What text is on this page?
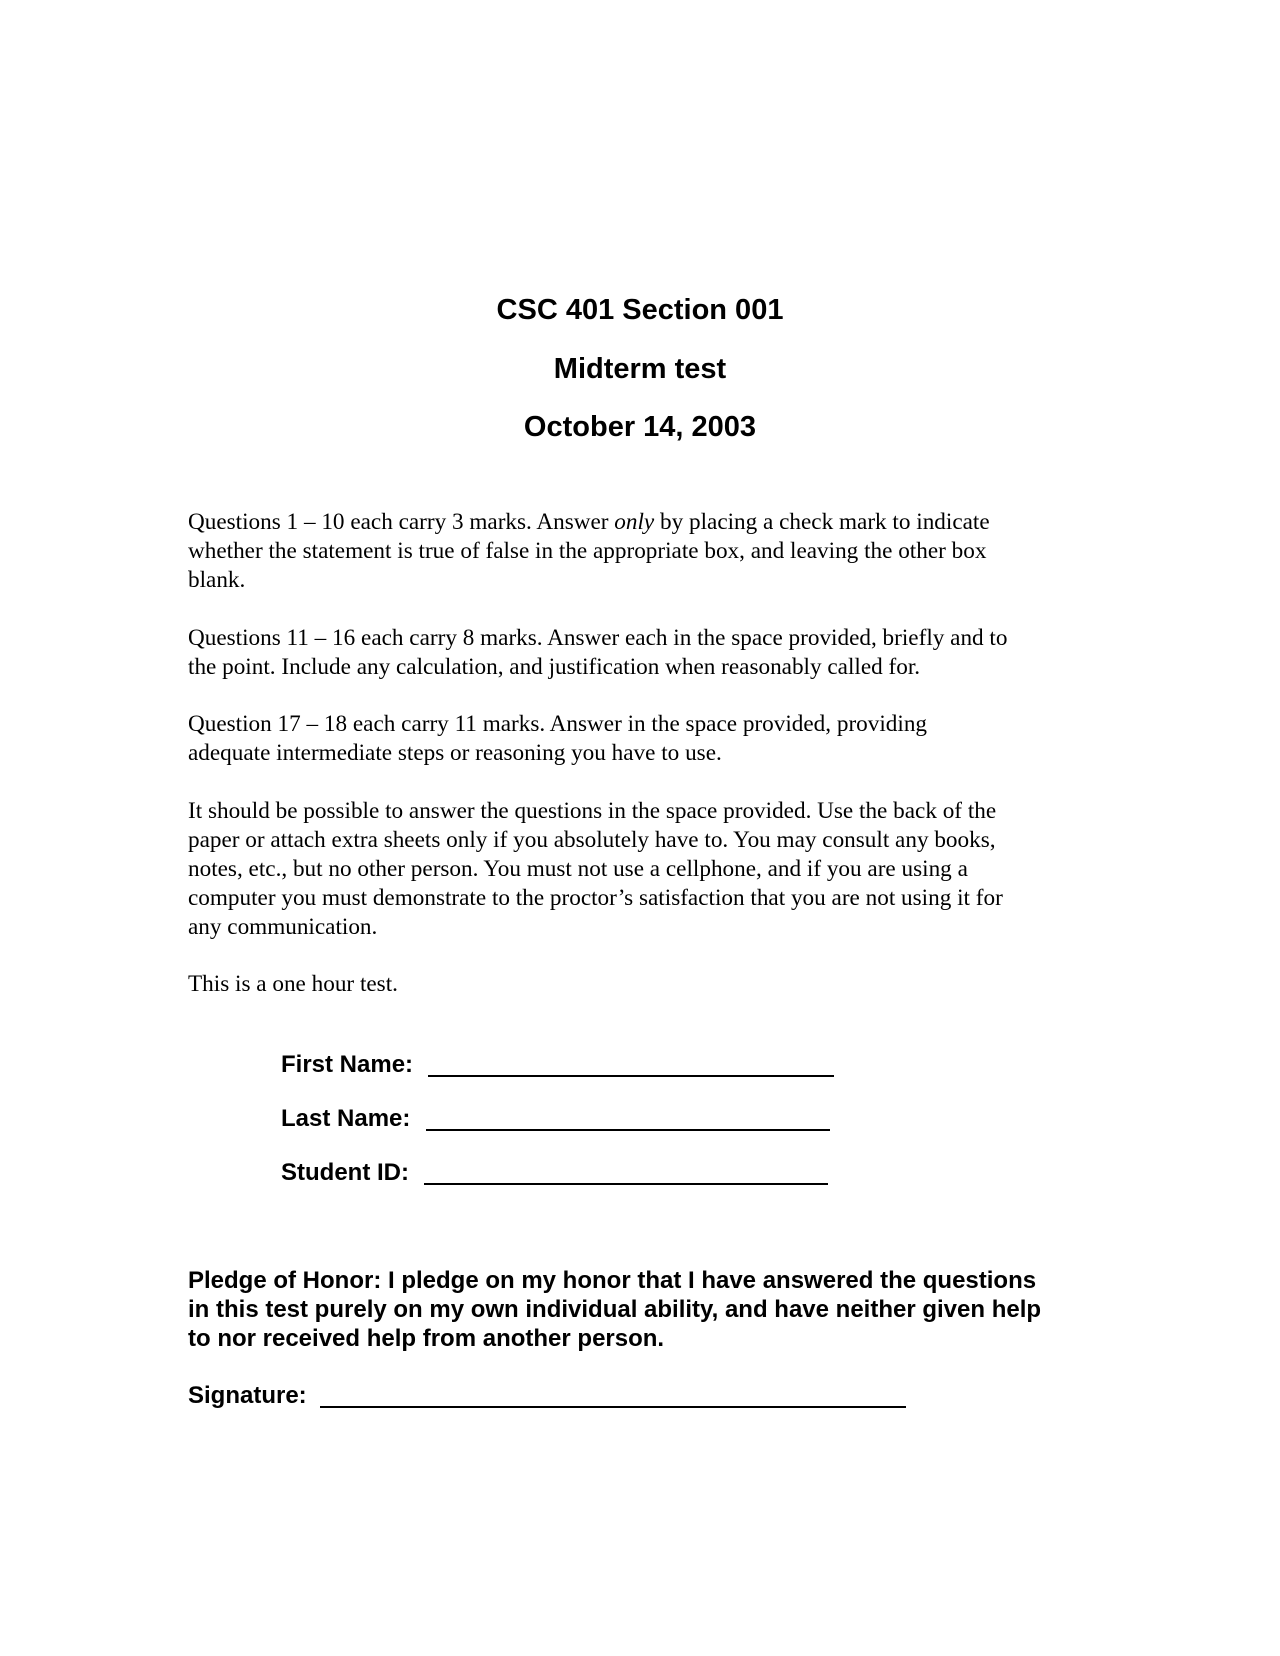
CSC 401 Section 001
Midterm test
October 14, 2003
Questions 1 – 10 each carry 3 marks. Answer only by placing a check mark to indicate
whether the statement is true of false in the appropriate box, and leaving the other box
blank.
Questions 11 – 16 each carry 8 marks. Answer each in the space provided, briefly and to
the point. Include any calculation, and justification when reasonably called for.
Question 17 – 18 each carry 11 marks. Answer in the space provided, providing
adequate intermediate steps or reasoning you have to use.
It should be possible to answer the questions in the space provided. Use the back of the
paper or attach extra sheets only if you absolutely have to. You may consult any books,
notes, etc., but no other person. You must not use a cellphone, and if you are using a
computer you must demonstrate to the proctor’s satisfaction that you are not using it for
any communication.
This is a one hour test.
First Name:
Last Name:
Student ID:
Pledge of Honor: I pledge on my honor that I have answered the questions
in this test purely on my own individual ability, and have neither given help
to nor received help from another person.
Signature:
